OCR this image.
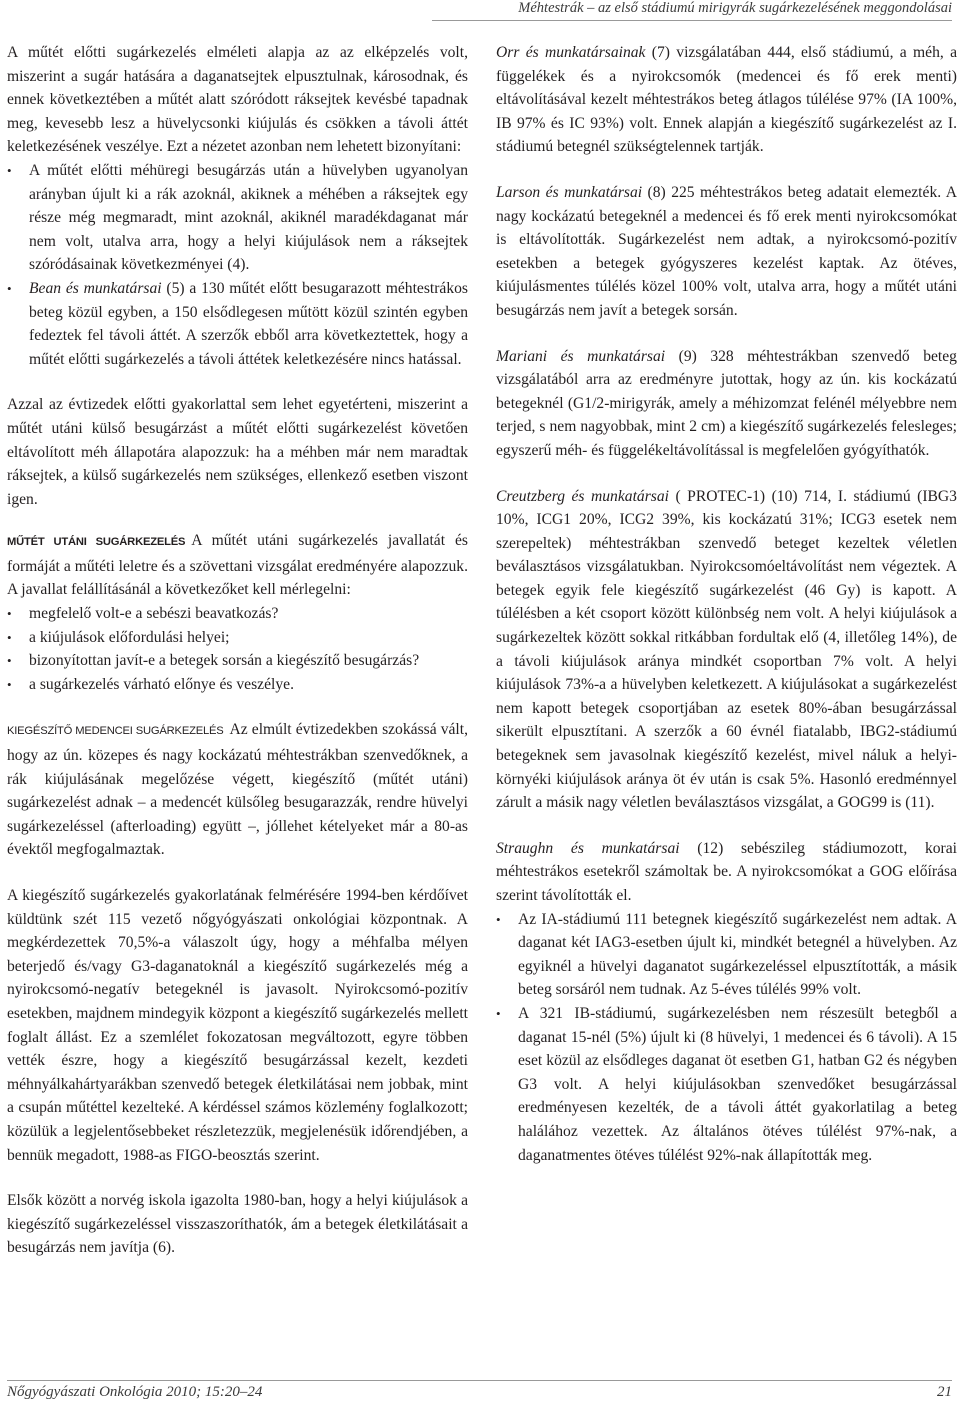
Méhtestrák – az első stádiumú mirigyrák sugárkezelésének meggondolásai

A műtét előtti sugárkezelés elméleti alapja az az elképzelés volt, miszerint a sugár hatására a daganatsejtek elpusztulnak, károsodnak, és ennek következtében a műtét alatt szóródott ráksejtek kevésbé tapadnak meg, kevesebb lesz a hüvelycsonki kiújulás és csökken a távoli áttét keletkezésének veszélye. Ezt a nézetet azonban nem lehetett bizonyítani:

• A műtét előtti méhüregi besugárzás után a hüvelyben ugyanolyan arányban újult ki a rák azoknál, akiknek a méhében a ráksejtek egy része még megmaradt, mint azoknál, akiknél maradékdaganat már nem volt, utalva arra, hogy a helyi kiújulások nem a ráksejtek szóródásainak következményei (4).
• Bean és munkatársai (5) a 130 műtét előtt besugarazott méhtestrákos beteg közül egyben, a 150 elsődlegesen műtött közül szintén egyben fedeztek fel távoli áttét. A szerzők ebből arra következtettek, hogy a műtét előtti sugárkezelés a távoli áttétek keletkezésére nincs hatással.

Azzal az évtizedek előtti gyakorlattal sem lehet egyetérteni, miszerint a műtét utáni külső besugárzást a műtét előtti sugárkezelést követően eltávolított méh állapotára alapozzuk: ha a méhben már nem maradtak ráksejtek, a külső sugárkezelés nem szükséges, ellenkező esetben viszont igen.

MŰTÉT UTÁNI SUGÁRKEZELÉS A műtét utáni sugárkezelés javallatát és formáját a műtéti leletre és a szövettani vizsgálat eredményére alapozzuk. A javallat felállításánál a következőket kell mérlegelni:

• megfelelő volt-e a sebészi beavatkozás?
• a kiújulások előfordulási helyei;
• bizonyítottan javít-e a betegek sorsán a kiegészítő besugárzás?
• a sugárkezelés várható előnye és veszélye.

KIEGÉSZÍTŐ MEDENCEI SUGÁRKEZELÉS Az elmúlt évtizedekben szokássá vált, hogy az ún. közepes és nagy kockázatú méhtestrákban szenvedőknek, a rák kiújulásának megelőzése végett, kiegészítő (műtét utáni) sugárkezelést adnak – a medencét külsőleg besugarazzák, rendre hüvelyi sugárkezeléssel (afterloading) együtt –, jóllehet kételyeket már a 80-as évektől megfogalmaztak.

A kiegészítő sugárkezelés gyakorlatának felmérésére 1994-ben kérdőívet küldtünk szét 115 vezető nőgyógyászati onkológiai központnak. A megkérdezettek 70,5%-a válaszolt úgy, hogy a méhfalba mélyen beterjedő és/vagy G3-daganatoknál a kiegészítő sugárkezelés még a nyirokcsomó-negatív betegeknél is javasolt. Nyirokcsomó-pozitív esetekben, majdnem mindegyik központ a kiegészítő sugárkezelés mellett foglalt állást. Ez a szemlélet fokozatosan megváltozott, egyre többen vették észre, hogy a kiegészítő besugárzással kezelt, kezdeti méhnyálkahártyarákban szenvedő betegek életkilátásai nem jobbak, mint a csupán műtéttel kezelteké. A kérdéssel számos közlemény foglalkozott; közülük a legjelentősebbeket részletezzük, megjelenésük időrendjében, a bennük megadott, 1988-as FIGO-beosztás szerint.

Elsők között a norvég iskola igazolta 1980-ban, hogy a helyi kiújulások a kiegészítő sugárkezeléssel visszaszoríthatók, ám a betegek életkilátásait a besugárzás nem javítja (6).

Orr és munkatársainak (7) vizsgálatában 444, első stádiumú, a méh, a függelékek és a nyirokcsomók (medencei és fő erek menti) eltávolításával kezelt méhtestrákos beteg átlagos túlélése 97% (IA 100%, IB 97% és IC 93%) volt. Ennek alapján a kiegészítő sugárkezelést az I. stádiumú betegnél szükségtelennek tartják.

Larson és munkatársai (8) 225 méhtestrákos beteg adatait elemezték. A nagy kockázatú betegeknél a medencei és fő erek menti nyirokcsomókat is eltávolították. Sugárkezelést nem adtak, a nyirokcsomó-pozitív esetekben a betegek gyógyszeres kezelést kaptak. Az ötéves, kiújulásmentes túlélés közel 100% volt, utalva arra, hogy a műtét utáni besugárzás nem javít a betegek sorsán.

Mariani és munkatársai (9) 328 méhtestrákban szenvedő beteg vizsgálatából arra az eredményre jutottak, hogy az ún. kis kockázatú betegeknél (G1/2-mirigyrák, amely a méhizomzat felénél mélyebbre nem terjed, s nem nagyobbak, mint 2 cm) a kiegészítő sugárkezelés felesleges; egyszerű méh- és függelékeltávolítással is megfelelően gyógyíthatók.

Creutzberg és munkatársai ( PROTEC-1) (10) 714, I. stádiumú (IBG3 10%, ICG1 20%, ICG2 39%, kis kockázatú 31%; ICG3 esetek nem szerepeltek) méhtestrákban szenvedő beteget kezeltek véletlen beválasztásos vizsgálatukban. Nyirokcsomóeltávolítást nem végeztek. A betegek egyik fele kiegészítő sugárkezelést (46 Gy) is kapott. A túlélésben a két csoport között különbség nem volt. A helyi kiújulások a sugárkezeltek között sokkal ritkábban fordultak elő (4, illetőleg 14%), de a távoli kiújulások aránya mindkét csoportban 7% volt. A helyi kiújulások 73%-a a hüvelyben keletkezett. A kiújulásokat a sugárkezelést nem kapott betegek csoportjában az esetek 80%-ában besugárzással sikerült elpusztítani. A szerzők a 60 évnél fiatalabb, IBG2-stádiumú betegeknek sem javasolnak kiegészítő kezelést, mivel náluk a helyi-környéki kiújulások aránya öt év után is csak 5%. Hasonló eredménnyel zárult a másik nagy véletlen beválasztásos vizsgálat, a GOG99 is (11).

Straughn és munkatársai (12) sebészileg stádiumozott, korai méhtestrákos esetekről számoltak be. A nyirokcsomókat a GOG előírása szerint távolították el.

• Az IA-stádiumú 111 betegnek kiegészítő sugárkezelést nem adtak. A daganat két IAG3-esetben újult ki, mindkét betegnél a hüvelyben. Az egyiknél a hüvelyi daganatot sugárkezeléssel elpusztították, a másik beteg sorsáról nem tudnak. Az 5-éves túlélés 99% volt.
• A 321 IB-stádiumú, sugárkezelésben nem részesült betegből a daganat 15-nél (5%) újult ki (8 hüvelyi, 1 medencei és 6 távoli). A 15 eset közül az elsődleges daganat öt esetben G1, hatban G2 és négyben G3 volt. A helyi kiújulásokban szenvedőket besugárzással eredményesen kezelték, de a távoli áttét gyakorlatilag a beteg halálához vezettek. Az általános ötéves túlélést 97%-nak, a daganatmentes ötéves túlélést 92%-nak állapították meg.
Nőgyógyászati Onkológia 2010; 15:20–24	21
